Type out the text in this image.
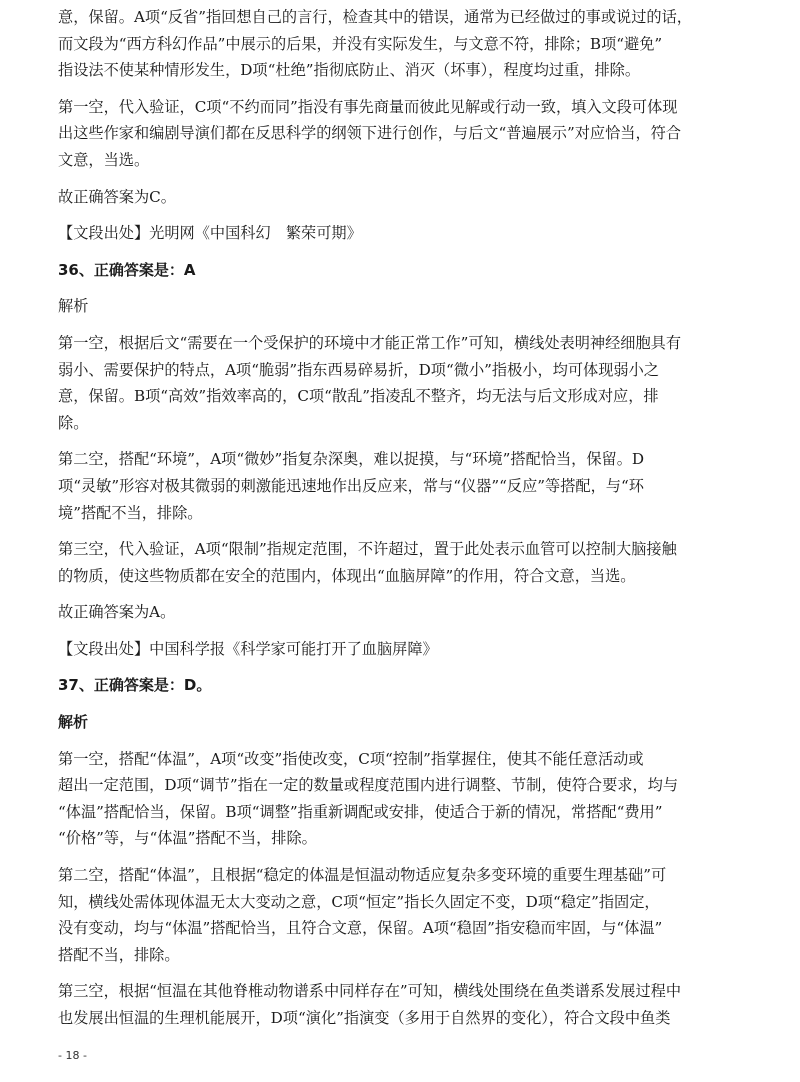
意，保留。A项“反省”指回想自己的言行，检查其中的错误，通常为已经做过的事或说过的话，
而文段为“西方科幻作品”中展示的后果，并没有实际发生，与文意不符，排除；B项“避免”
指设法不使某种情形发生，D项“杜绝”指彻底防止、消灭（坏事），程度均过重，排除。
第一空，代入验证，C项“不约而同”指没有事先商量而彼此见解或行动一致，填入文段可体现
出这些作家和编剧导演们都在反思科学的纲领下进行创作，与后文“普遍展示”对应恰当，符合
文意，当选。
故正确答案为C。
【文段出处】光明网《中国科幻　繁荣可期》
36、正确答案是：A
解析
第一空，根据后文“需要在一个受保护的环境中才能正常工作”可知，横线处表明神经细胞具有
弱小、需要保护的特点，A项“脆弱”指东西易碎易折，D项“微小”指极小，均可体现弱小之
意，保留。B项“高效”指效率高的，C项“散乱”指凌乱不整齐，均无法与后文形成对应，排
除。
第二空，搭配“环境”，A项“微妙”指复杂深奥，难以捉摸，与“环境”搭配恰当，保留。D
项“灵敏”形容对极其微弱的刺激能迅速地作出反应来，常与“仪器”“反应”等搭配，与“环
境”搭配不当，排除。
第三空，代入验证，A项“限制”指规定范围，不许超过，置于此处表示血管可以控制大脑接触
的物质，使这些物质都在安全的范围内，体现出“血脑屏障”的作用，符合文意，当选。
故正确答案为A。
【文段出处】中国科学报《科学家可能打开了血脑屏障》
37、正确答案是：D。
解析
第一空，搭配“体温”，A项“改变”指使改变，C项“控制”指掌握住，使其不能任意活动或
超出一定范围，D项“调节”指在一定的数量或程度范围内进行调整、节制，使符合要求，均与
“体温”搭配恰当，保留。B项“调整”指重新调配或安排，使适合于新的情况，常搭配“费用”
“价格”等，与“体温”搭配不当，排除。
第二空，搭配“体温”，且根据“稳定的体温是恒温动物适应复杂多变环境的重要生理基础”可
知，横线处需体现体温无太大变动之意，C项“恒定”指长久固定不变，D项“稳定”指固定，
没有变动，均与“体温”搭配恰当，且符合文意，保留。A项“稳固”指安稳而牢固，与“体温”
搭配不当，排除。
第三空，根据“恒温在其他脊椎动物谱系中同样存在”可知，横线处围绕在鱼类谱系发展过程中
也发展出恒温的生理机能展开，D项“演化”指演变（多用于自然界的变化），符合文段中鱼类
- 18 -
